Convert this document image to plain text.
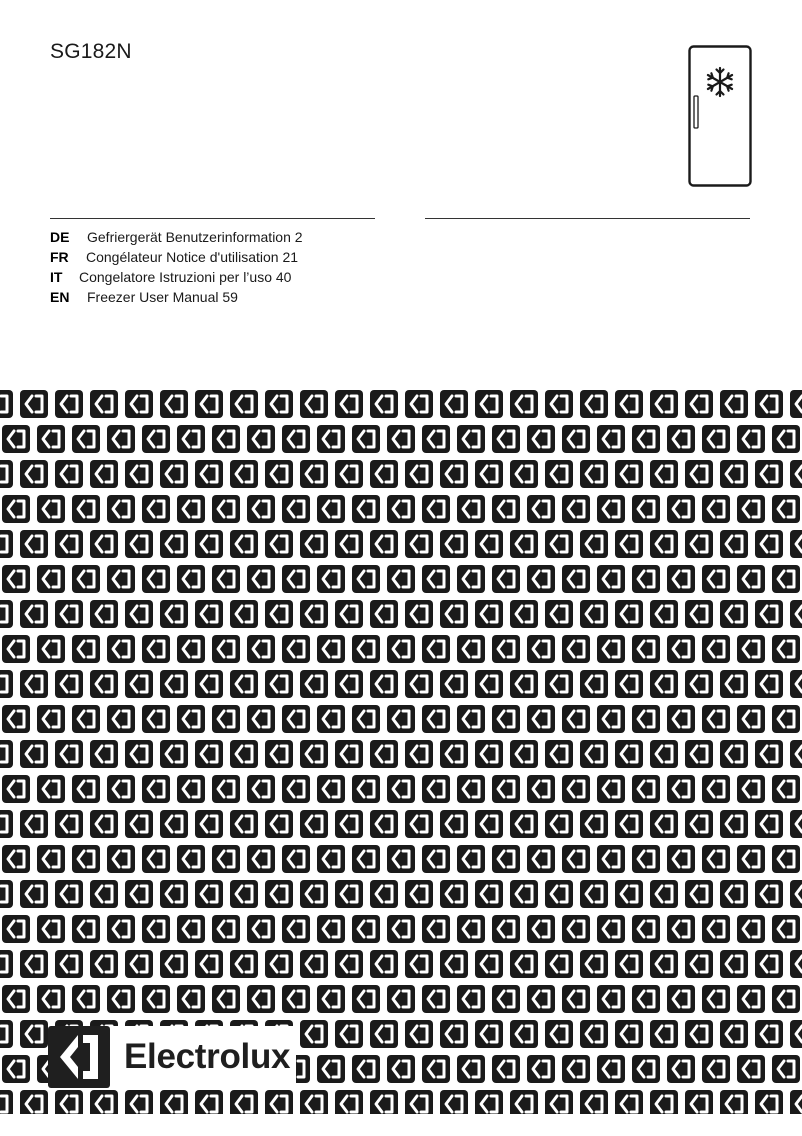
SG182N
DE Gefriergerät Benutzerinformation 2
FR Congélateur Notice d'utilisation 21
IT Congelatore Istruzioni per l’uso 40
EN Freezer User Manual 59
Electrolux
